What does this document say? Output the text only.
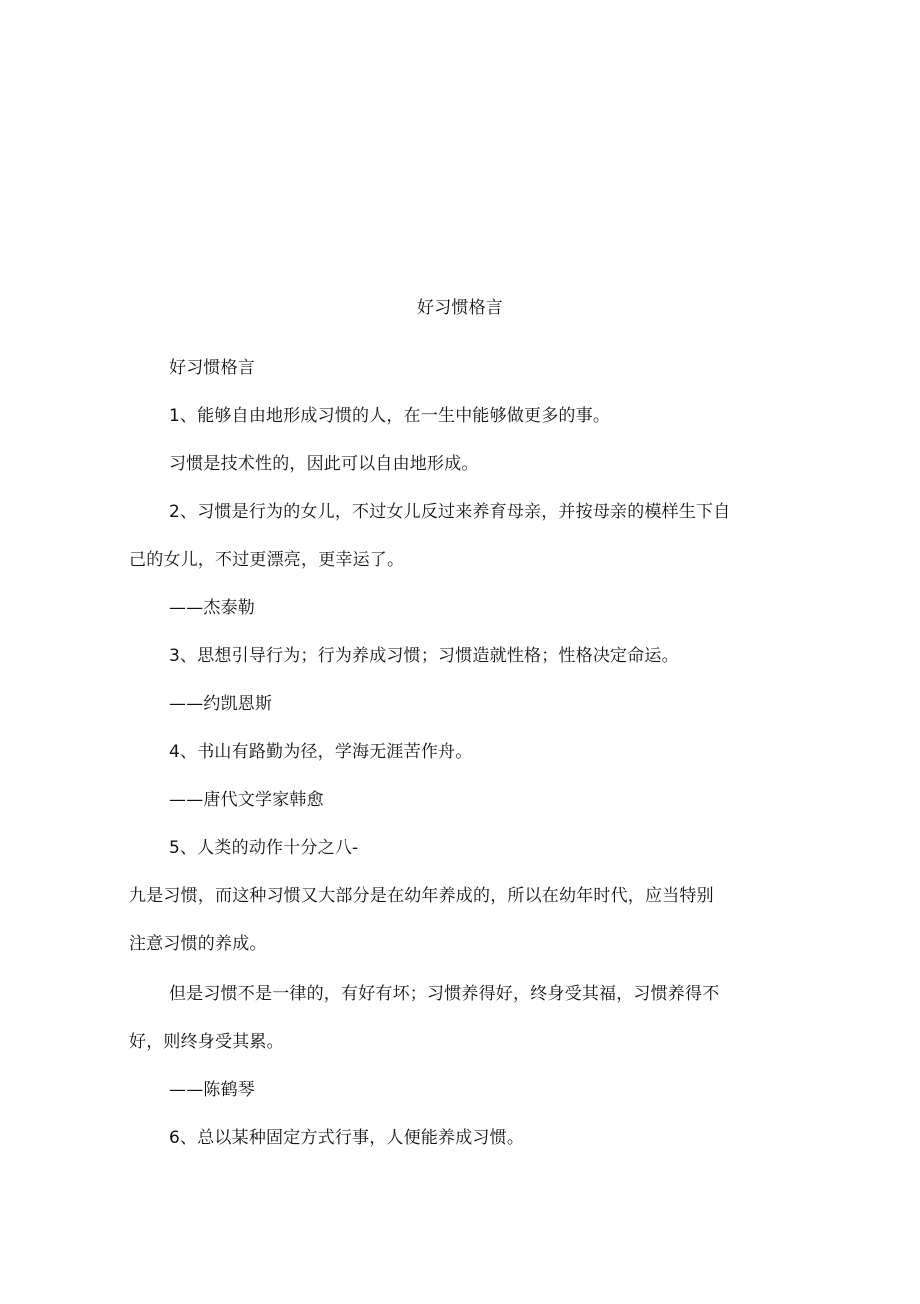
好习惯格言
好习惯格言
1、能够自由地形成习惯的人，在一生中能够做更多的事。
习惯是技术性的，因此可以自由地形成。
2、习惯是行为的女儿，不过女儿反过来养育母亲，并按母亲的模样生下自
己的女儿，不过更漂亮，更幸运了。
——杰泰勒
3、思想引导行为；行为养成习惯；习惯造就性格；性格决定命运。
——约凯恩斯
4、书山有路勤为径，学海无涯苦作舟。
——唐代文学家韩愈
5、人类的动作十分之八-
九是习惯，而这种习惯又大部分是在幼年养成的，所以在幼年时代，应当特别
注意习惯的养成。
但是习惯不是一律的，有好有坏；习惯养得好，终身受其福，习惯养得不
好，则终身受其累。
——陈鹤琴
6、总以某种固定方式行事，人便能养成习惯。
